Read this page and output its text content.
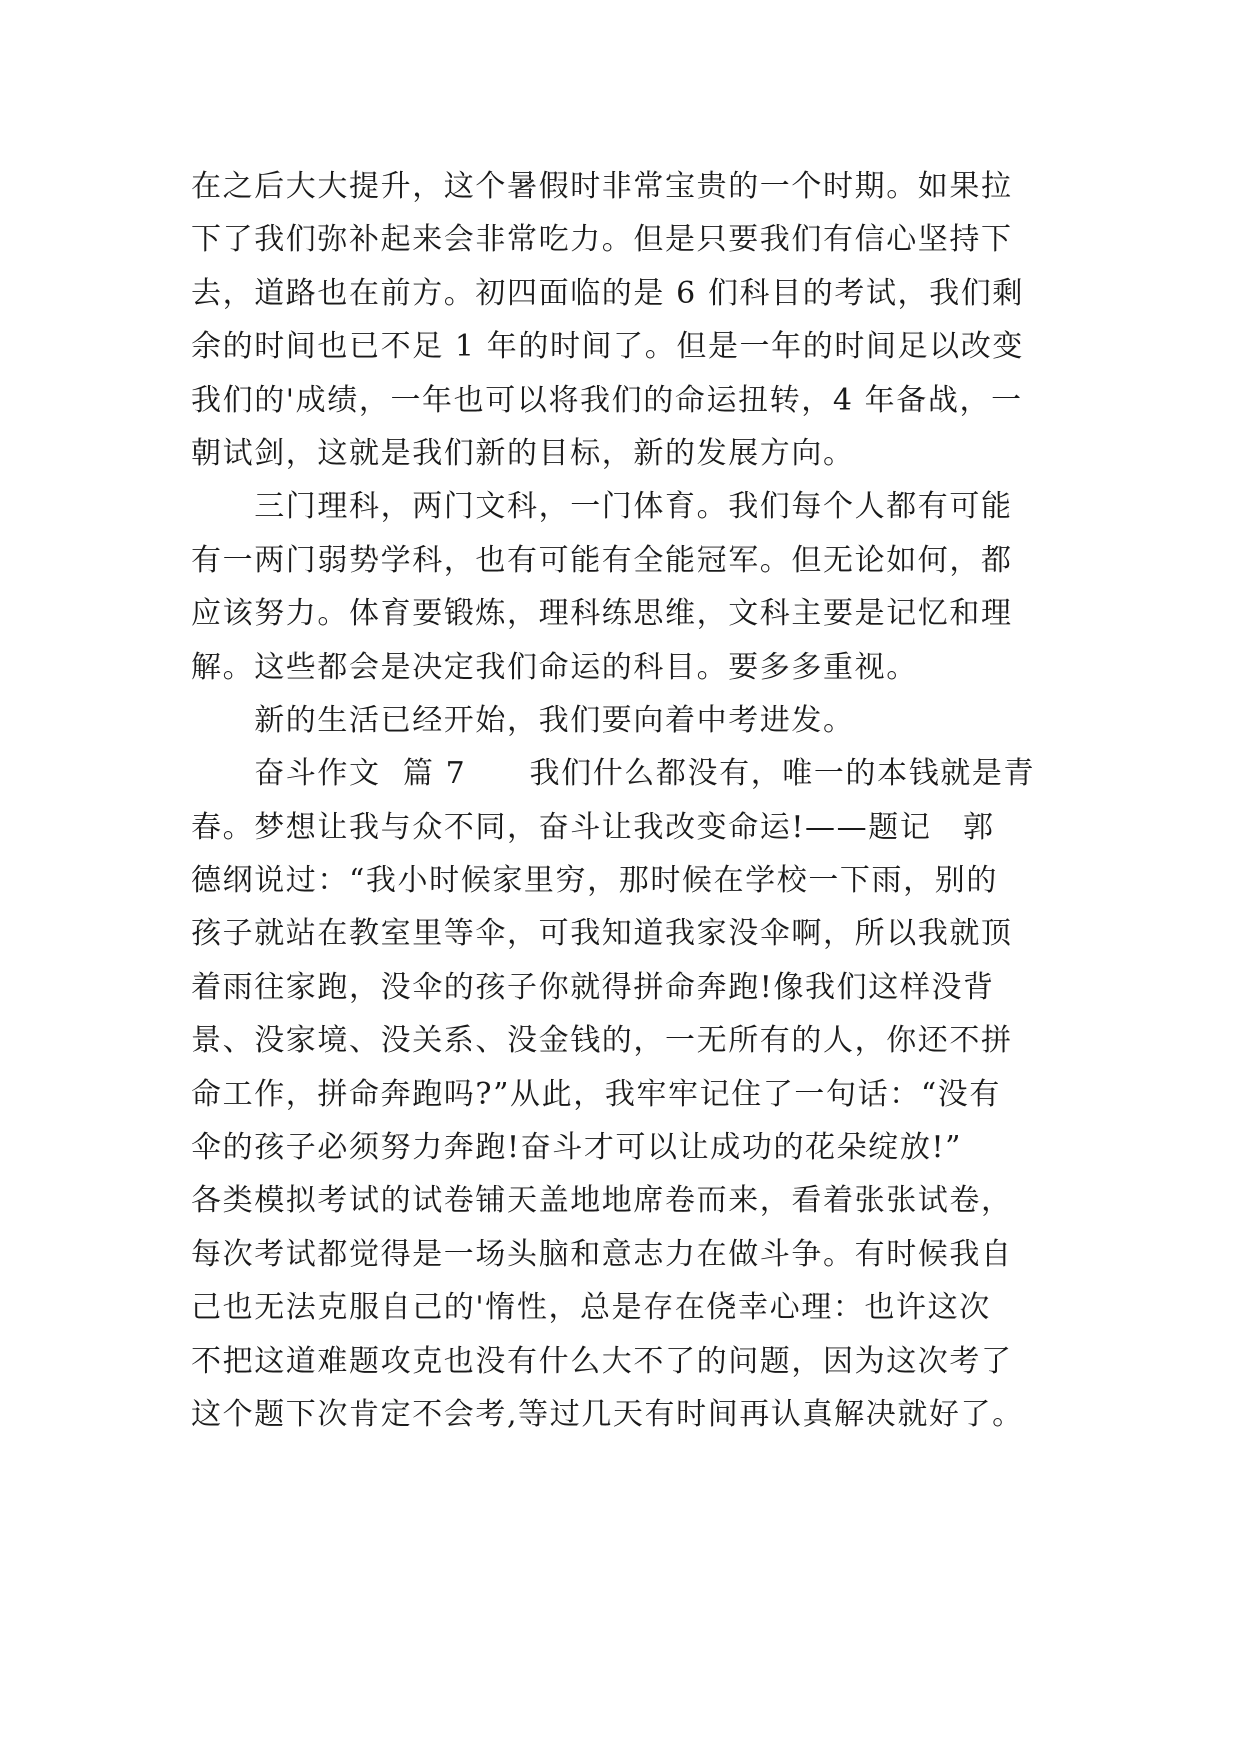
在之后大大提升，这个暑假时非常宝贵的一个时期。如果拉
下了我们弥补起来会非常吃力。但是只要我们有信心坚持下
去，道路也在前方。初四面临的是 6 们科目的考试，我们剩
余的时间也已不足 1 年的时间了。但是一年的时间足以改变
我们的'成绩，一年也可以将我们的命运扭转，4 年备战，一
朝试剑，这就是我们新的目标，新的发展方向。
　　三门理科，两门文科，一门体育。我们每个人都有可能
有一两门弱势学科，也有可能有全能冠军。但无论如何，都
应该努力。体育要锻炼，理科练思维，文科主要是记忆和理
解。这些都会是决定我们命运的科目。要多多重视。
　　新的生活已经开始，我们要向着中考进发。
　　奋斗作文  篇 7　　我们什么都没有，唯一的本钱就是青
春。梦想让我与众不同，奋斗让我改变命运!——题记　郭
德纲说过：“我小时候家里穷，那时候在学校一下雨，别的
孩子就站在教室里等伞，可我知道我家没伞啊，所以我就顶
着雨往家跑，没伞的孩子你就得拼命奔跑!像我们这样没背
景、没家境、没关系、没金钱的，一无所有的人，你还不拼
命工作，拼命奔跑吗?”从此，我牢牢记住了一句话：“没有
伞的孩子必须努力奔跑!奋斗才可以让成功的花朵绽放!”
各类模拟考试的试卷铺天盖地地席卷而来，看着张张试卷，
每次考试都觉得是一场头脑和意志力在做斗争。有时候我自
己也无法克服自己的'惰性，总是存在侥幸心理：也许这次
不把这道难题攻克也没有什么大不了的问题，因为这次考了
这个题下次肯定不会考,等过几天有时间再认真解决就好了。
